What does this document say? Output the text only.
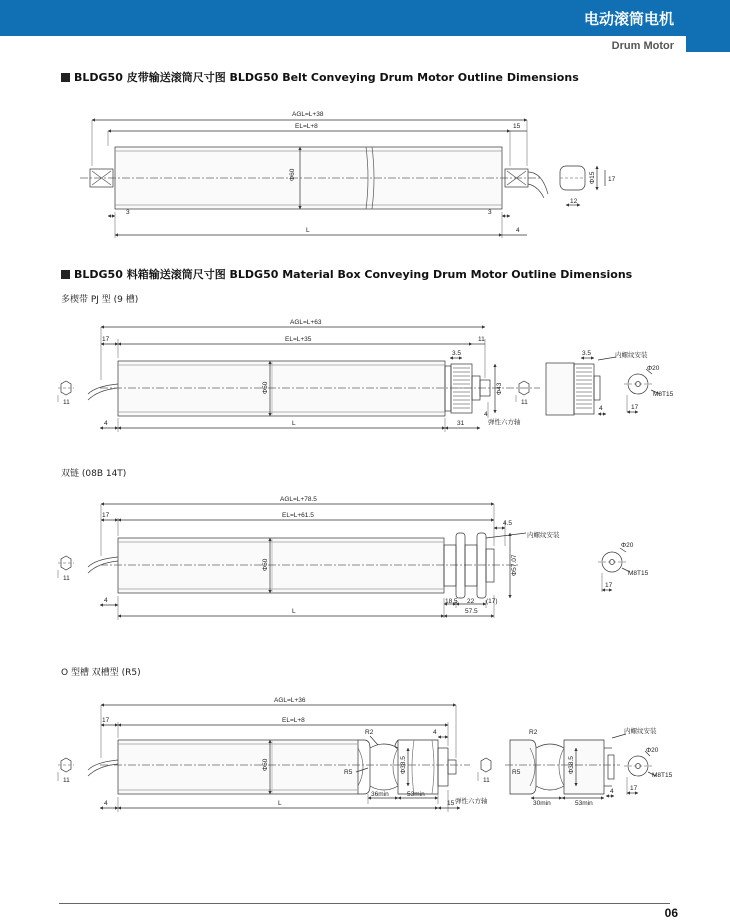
电动滚筒电机
Drum Motor
BLDG50 皮带输送滚筒尺寸图 BLDG50 Belt Conveying Drum Motor Outline Dimensions
BLDG50 料箱输送滚筒尺寸图 BLDG50 Material Box Conveying Drum Motor Outline Dimensions
多楔带 PJ 型 (9 槽)
双链 (08B 14T)
O 型槽 双槽型 (R5)
AGL=L+38
EL=L+8	15
Φ60
3	3
L	4
Φ15
12
17
11
AGL=L+63
EL=L+35
17
3.5
11
Φ50	Φ43
4	L	31
4
弹性六方轴
11
3.5	内螺纹安装
Φ20
M8T15
4	17
11
AGL=L+78.5
EL=L+61.5
17
4.5
内螺纹安装
Φ50	Φ57.07
4	18.5 22 (17)
L	57.5
Φ20
M8T15
17
11
AGL=L+36
EL=L+8
17
R2	4
Φ50	Φ38.5
R5
36min	53min
4	L	15 弹性六方轴
11
R2	内螺纹安装
Φ20
R5	Φ38.5
M8T15
30min	53min
4	17
06
